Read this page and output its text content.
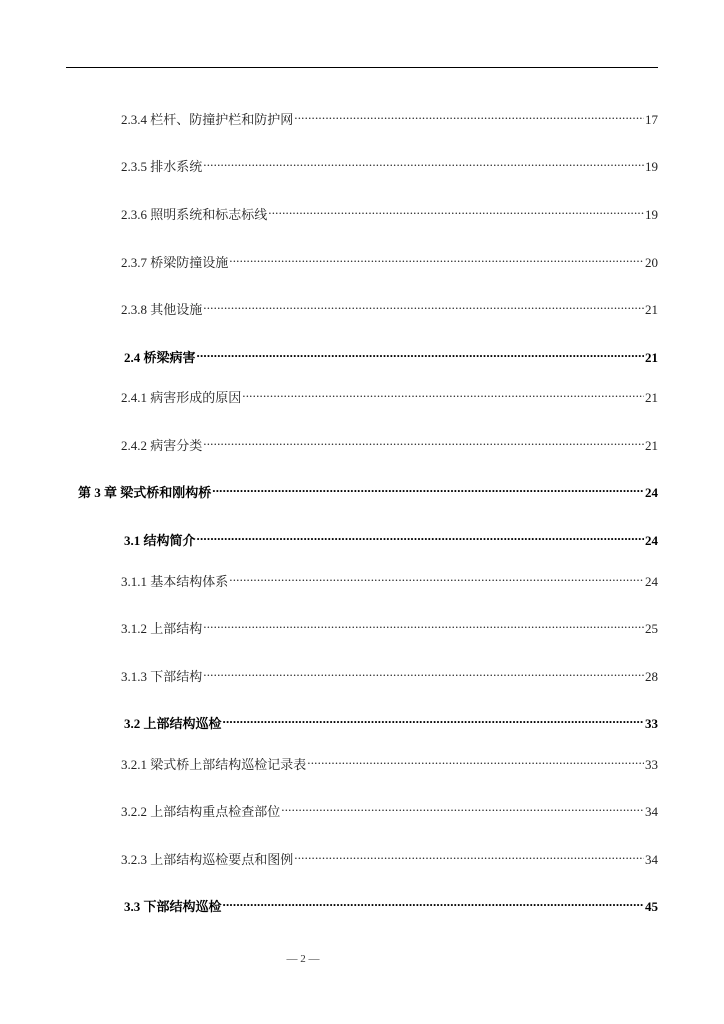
2.3.4 栏杆、防撞护栏和防护网 .....	17
2.3.5 排水系统 .....	19
2.3.6 照明系统和标志标线 .....	19
2.3.7 桥梁防撞设施 .....	20
2.3.8 其他设施 .....	21
2.4 桥梁病害 .....	21
2.4.1 病害形成的原因 .....	21
2.4.2 病害分类 .....	21
第 3 章 梁式桥和刚构桥 .....	24
3.1 结构简介 .....	24
3.1.1 基本结构体系 .....	24
3.1.2 上部结构 .....	25
3.1.3 下部结构 .....	28
3.2 上部结构巡检 .....	33
3.2.1 梁式桥上部结构巡检记录表 .....	33
3.2.2 上部结构重点检查部位 .....	34
3.2.3 上部结构巡检要点和图例 .....	34
3.3 下部结构巡检 .....	45
— 2 —
